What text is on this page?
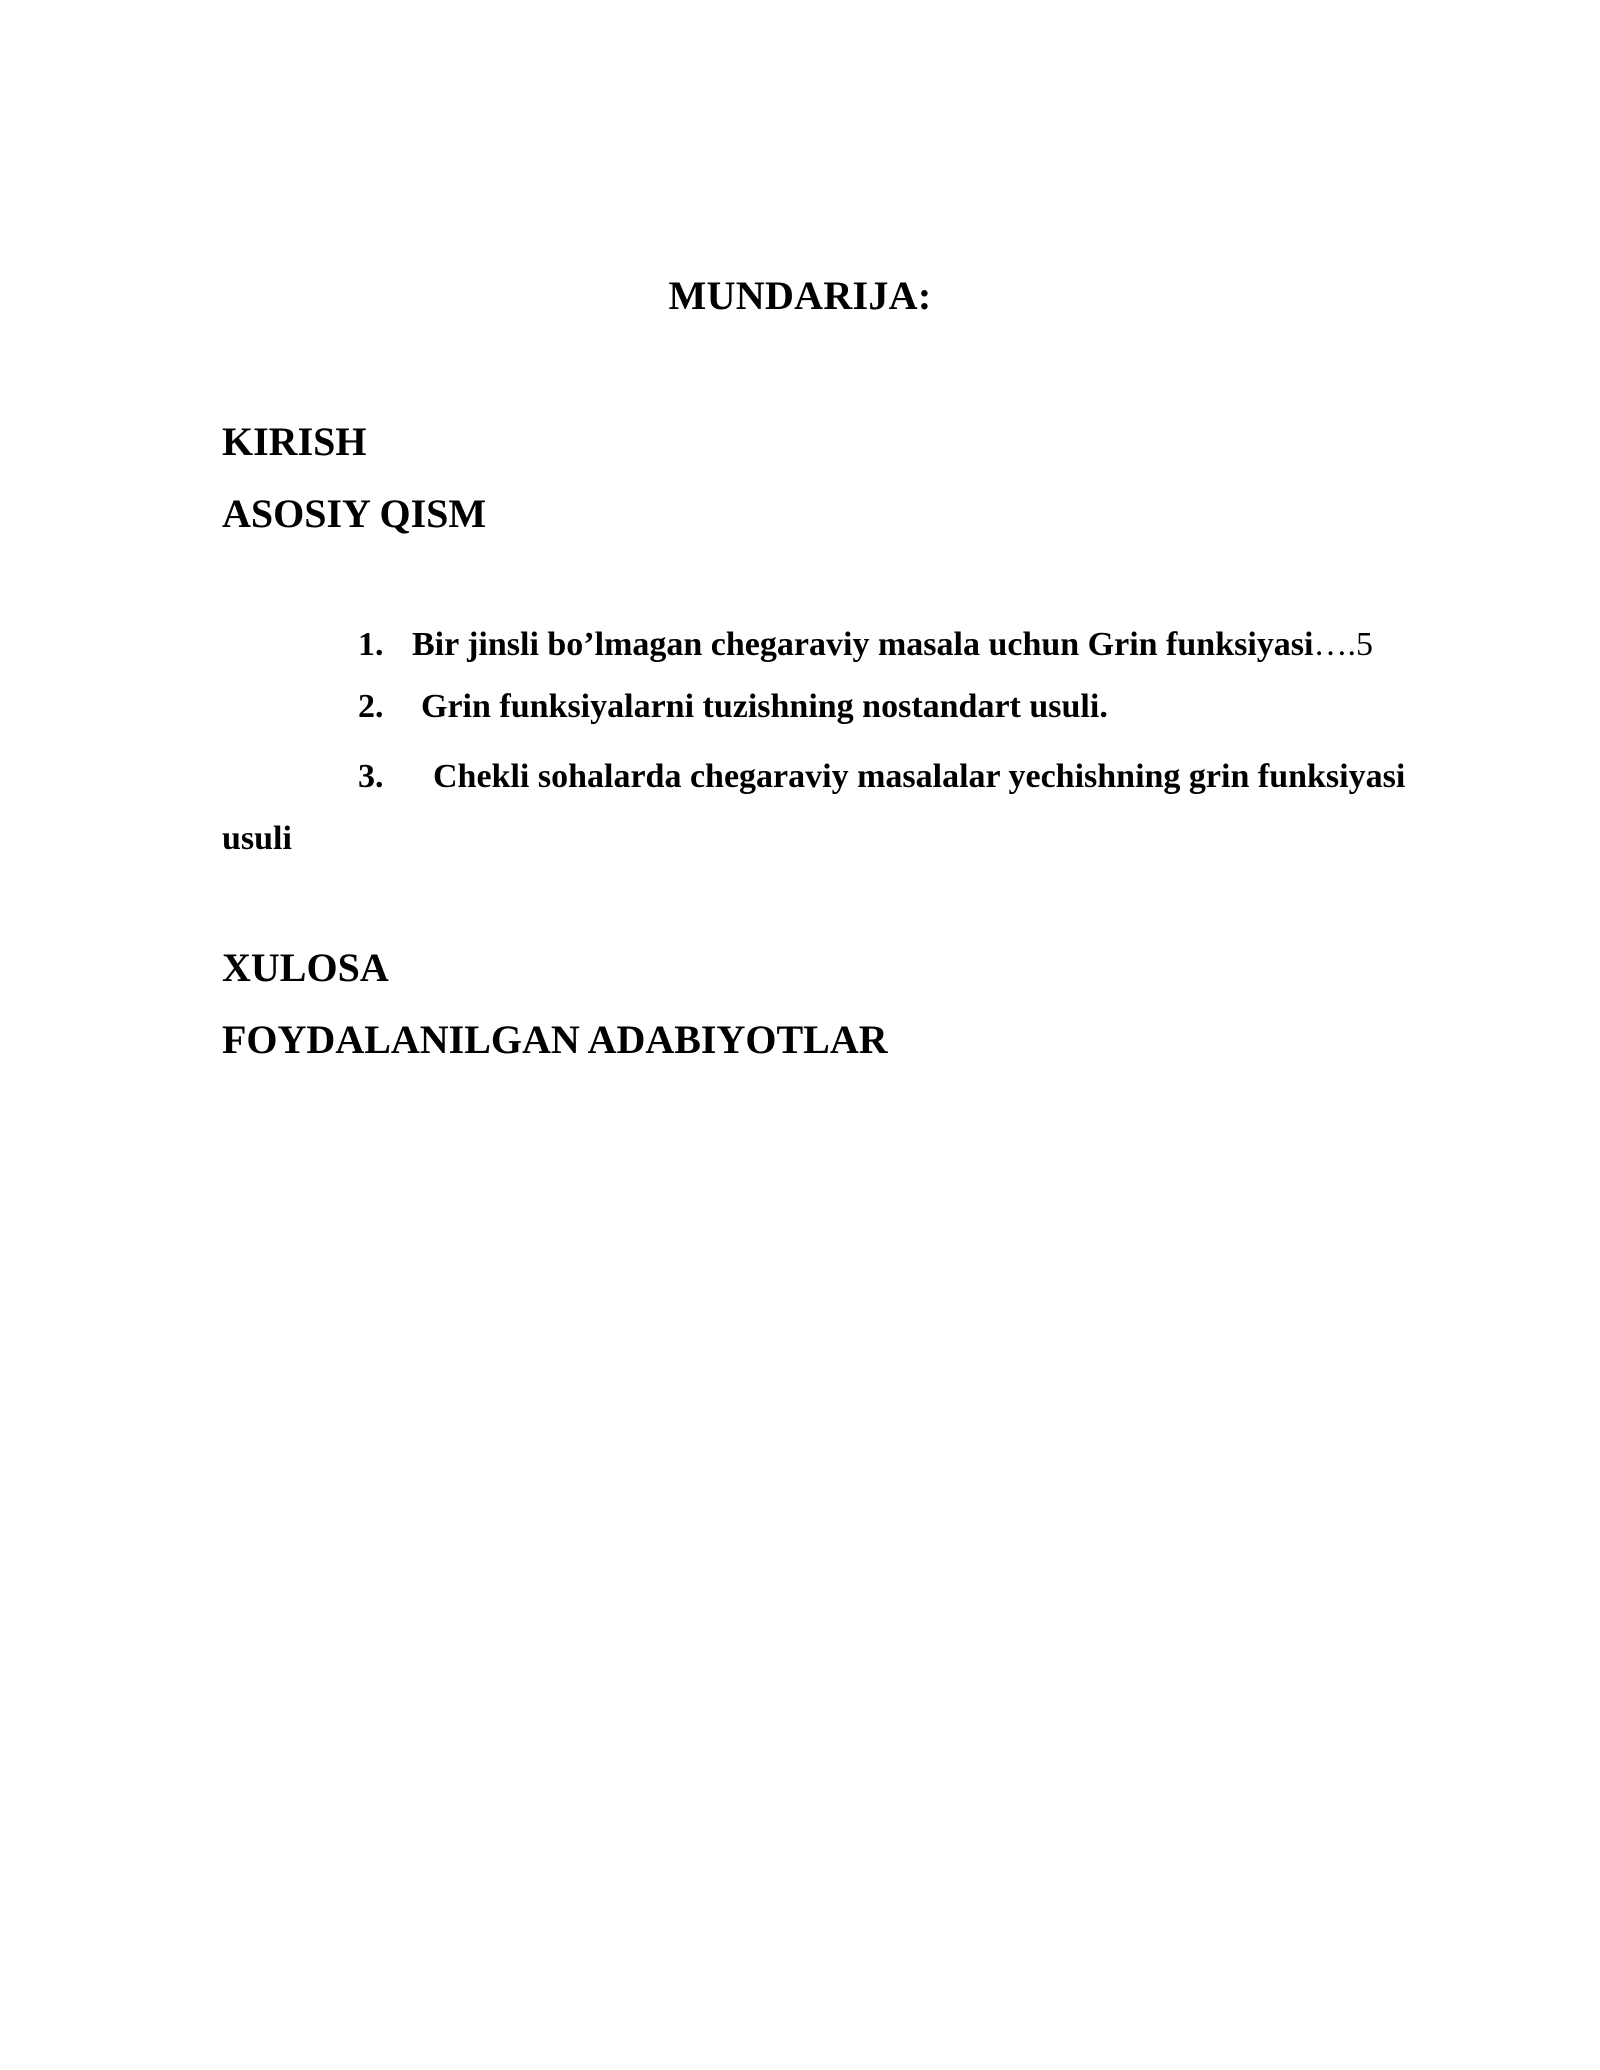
MUNDARIJA:
KIRISH
ASOSIY QISM
1. Bir jinsli bo’lmagan chegaraviy masala uchun Grin funksiyasi….5
2. Grin funksiyalarni tuzishning nostandart usuli.
3. Chekli sohalarda chegaraviy masalalar yechishning grin funksiyasi
usuli
XULOSA
FOYDALANILGAN ADABIYOTLAR
